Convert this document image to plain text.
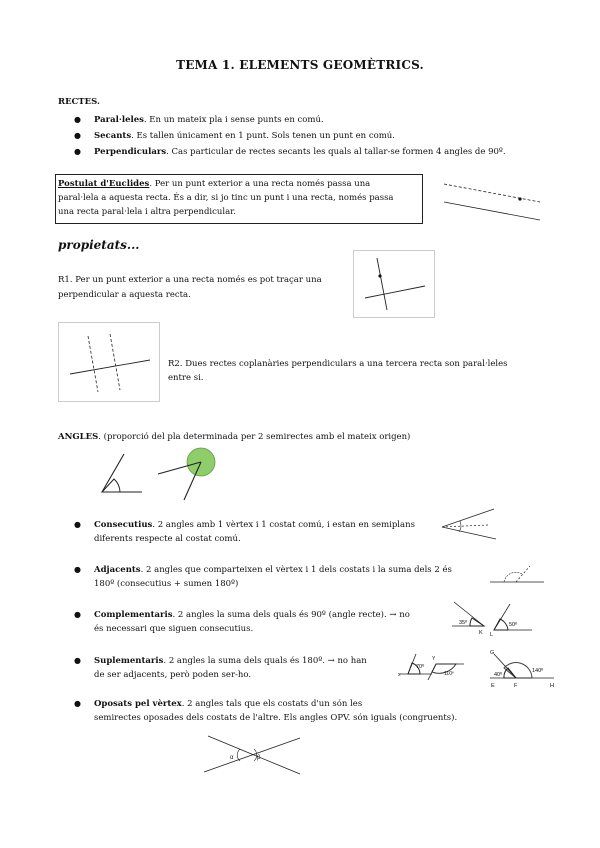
TEMA 1. ELEMENTS GEOMÈTRICS.
RECTES.
● Paral·leles. En un mateix pla i sense punts en comú.
● Secants. Es tallen únicament en 1 punt. Sols tenen un punt en comú.
● Perpendiculars. Cas particular de rectes secants les quals al tallar-se formen 4 angles de 90º.
Postulat d'Euclides. Per un punt exterior a una recta només passa una
paral·lela a aquesta recta. És a dir, si jo tinc un punt i una recta, només passa
una recta paral·lela i altra perpendicular.
propietats...
R1. Per un punt exterior a una recta només es pot traçar una
perpendicular a aquesta recta.
R2. Dues rectes coplanàries perpendiculars a una tercera recta son paral·leles
entre si.
ANGLES. (proporció del pla determinada per 2 semirectes amb el mateix origen)
● Consecutius. 2 angles amb 1 vèrtex i 1 costat comú, i estan en semiplans
diferents respecte al costat comú.
● Adjacents. 2 angles que comparteixen el vèrtex i 1 dels costats i la suma dels 2 és
180º (consecutius + sumen 180º)
● Complementaris. 2 angles la suma dels quals és 90º (angle recte). → no
és necessari que siguen consecutius.
35º
K L
50º
● Suplementaris. 2 angles la suma dels quals és 180º. → no han
de ser adjacents, però poden ser-ho.	x
70º
Y
110º
G
40º
140º
E	F	H
● Oposats pel vèrtex. 2 angles tals que els costats d'un són les
semirectes oposades dels costats de l'altre. Els angles OPV. són iguals (congruents).
α	β
